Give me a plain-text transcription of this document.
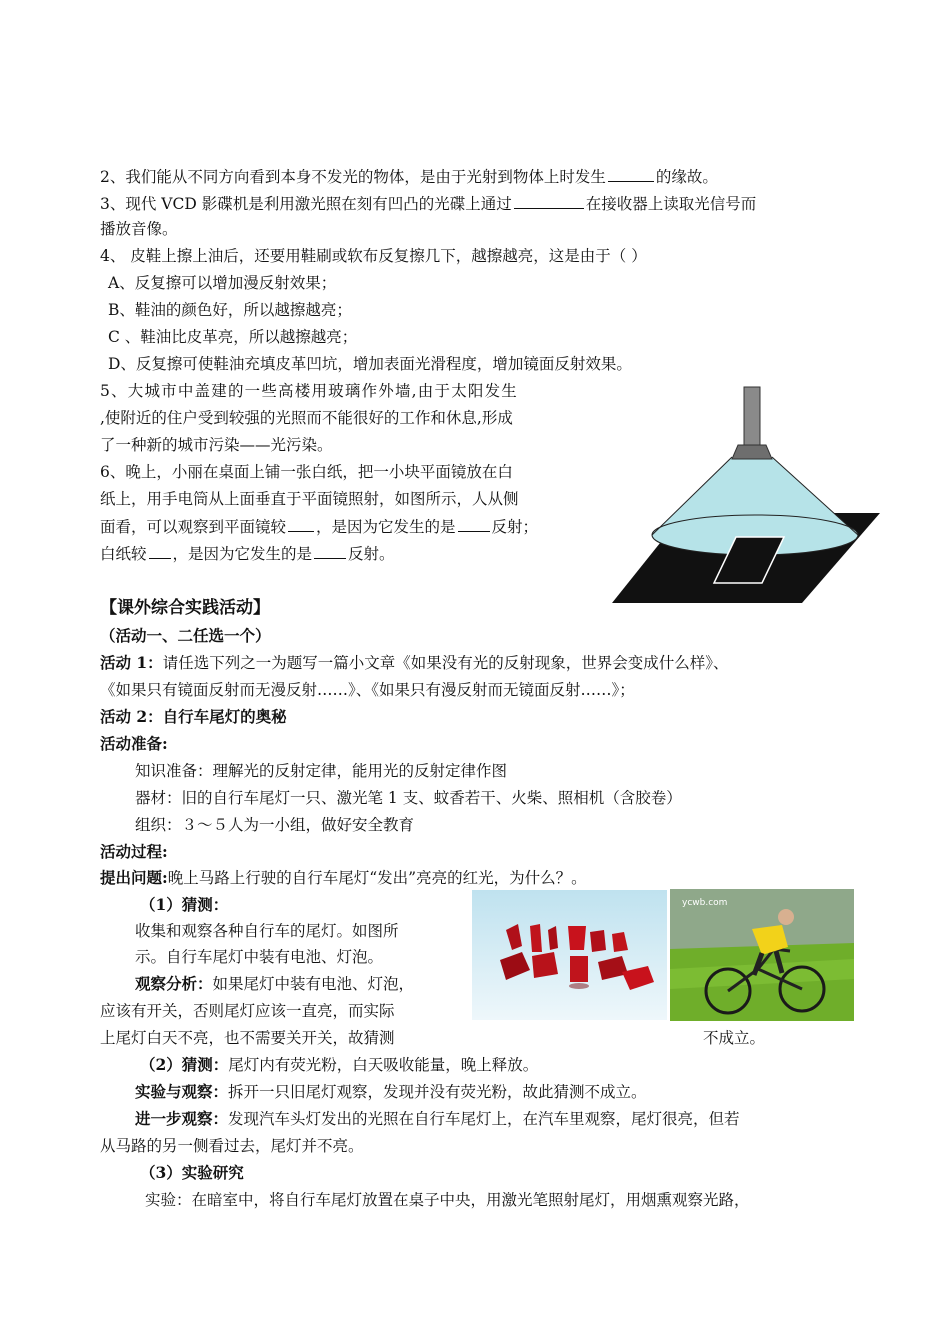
2、我们能从不同方向看到本身不发光的物体，是由于光射到物体上时发生	的缘故。
3、现代 VCD 影碟机是利用激光照在刻有凹凸的光碟上通过	在接收器上读取光信号而
播放音像。
4、 皮鞋上擦上油后，还要用鞋刷或软布反复擦几下，越擦越亮，这是由于（ ）
A、反复擦可以增加漫反射效果；
B、鞋油的颜色好，所以越擦越亮；
C 、鞋油比皮革亮，所以越擦越亮；
D、反复擦可使鞋油充填皮革凹坑，增加表面光滑程度，增加镜面反射效果。
5、大城市中盖建的一些高楼用玻璃作外墙,由于太阳发生
,使附近的住户受到较强的光照而不能很好的工作和休息,形成
了一种新的城市污染——光污染。
6、晚上，小丽在桌面上铺一张白纸，把一小块平面镜放在白
纸上，用手电筒从上面垂直于平面镜照射，如图所示，人从侧
面看，可以观察到平面镜较 ，是因为它发生的是 反射；
白纸较 ，是因为它发生的是 反射。
【课外综合实践活动】
（活动一、二任选一个）
活动 1：请任选下列之一为题写一篇小文章《如果没有光的反射现象，世界会变成什么样》、
《如果只有镜面反射而无漫反射……》、《如果只有漫反射而无镜面反射……》；
活动 2：自行车尾灯的奥秘
活动准备:
知识准备：理解光的反射定律，能用光的反射定律作图
器材：旧的自行车尾灯一只、激光笔 1 支、蚊香若干、火柴、照相机（含胶卷）
组织：３～５人为一小组，做好安全教育
活动过程:
提出问题:晚上马路上行驶的自行车尾灯“发出”亮亮的红光，为什么？。
（1）猜测：
收集和观察各种自行车的尾灯。如图所
示。自行车尾灯中装有电池、灯泡。
观察分析：如果尾灯中装有电池、灯泡，
应该有开关，否则尾灯应该一直亮，而实际
上尾灯白天不亮，也不需要关开关，故猜测	不成立。
ycwb.com
（2）猜测：尾灯内有荧光粉，白天吸收能量，晚上释放。
实验与观察：拆开一只旧尾灯观察，发现并没有荧光粉，故此猜测不成立。
进一步观察：发现汽车头灯发出的光照在自行车尾灯上，在汽车里观察，尾灯很亮，但若
从马路的另一侧看过去，尾灯并不亮。
（3）实验研究
实验：在暗室中，将自行车尾灯放置在桌子中央，用激光笔照射尾灯，用烟熏观察光路，
